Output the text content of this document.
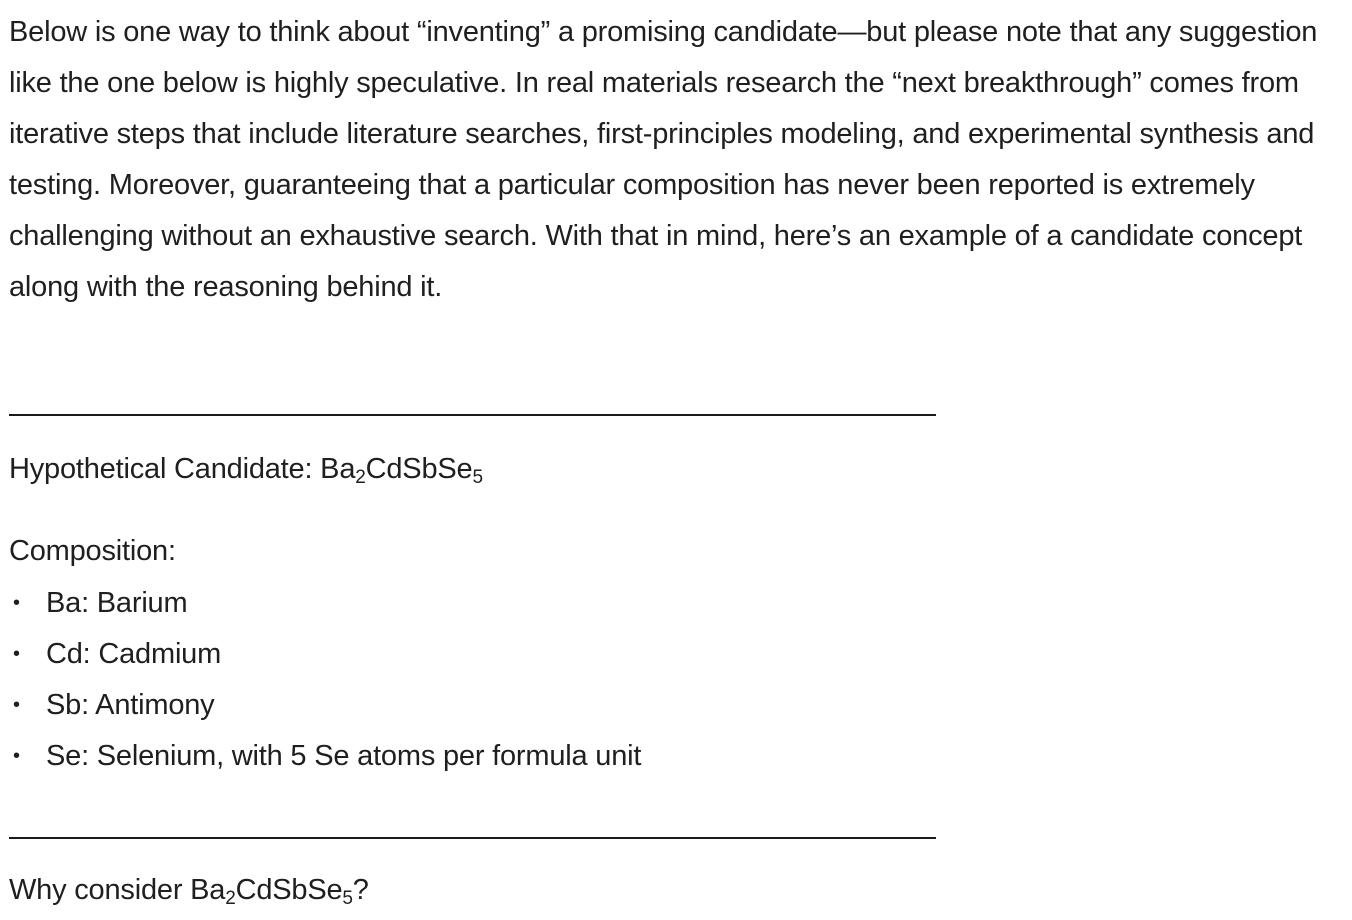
Below is one way to think about “inventing” a promising candidate—but please note that any suggestion like the one below is highly speculative. In real materials research the “next breakthrough” comes from iterative steps that include literature searches, first-principles modeling, and experimental synthesis and testing. Moreover, guaranteeing that a particular composition has never been reported is extremely challenging without an exhaustive search. With that in mind, here’s an example of a candidate concept along with the reasoning behind it.

Hypothetical Candidate: $Ba_2CdSbSe_5$
Composition:
• Ba: Barium
• Cd: Cadmium
• Sb: Antimony
• Se: Selenium, with 5 Se atoms per formula unit
Why consider $Ba_2CdSbSe_5$?
